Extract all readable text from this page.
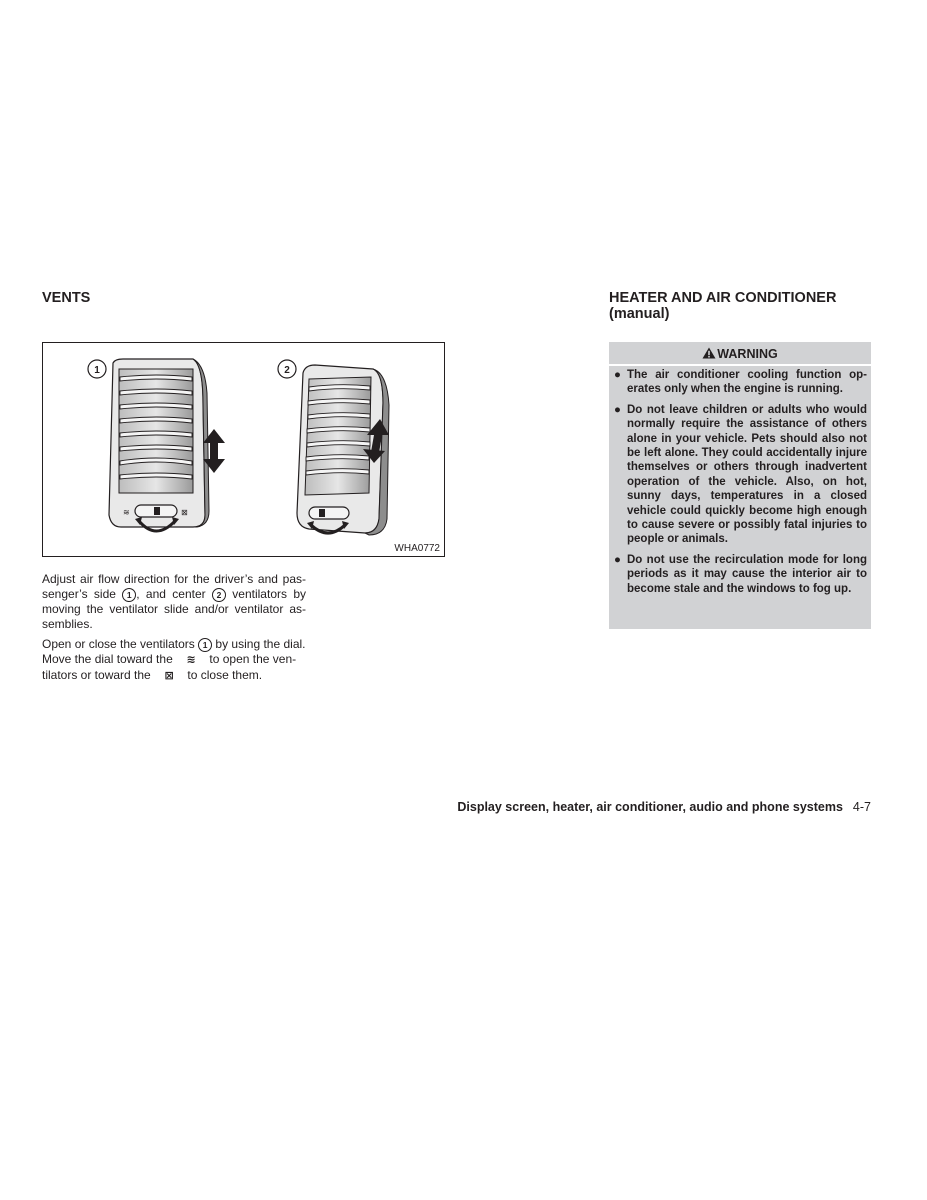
VENTS
≋	⊠
1	2
WHA0772

Adjust air flow direction for the driver’s and passenger’s side 1 , and center 2 ventilators by moving the ventilator slide and/or ventilator assemblies.

Open or close the ventilators 1 by using the dial. Move the dial toward the ≋ to open the ventilators or toward the ⊠ to close them.

HEATER AND AIR CONDITIONER
(manual)
WARNING
● The air conditioner cooling function operates only when the engine is running.
● Do not leave children or adults who would normally require the assistance of others alone in your vehicle. Pets should also not be left alone. They could accidentally injure themselves or others through inadvertent operation of the vehicle. Also, on hot, sunny days, temperatures in a closed vehicle could quickly become high enough to cause severe or possibly fatal injuries to people or animals.
● Do not use the recirculation mode for long periods as it may cause the interior air to become stale and the windows to fog up.
Display screen, heater, air conditioner, audio and phone systems 4-7
